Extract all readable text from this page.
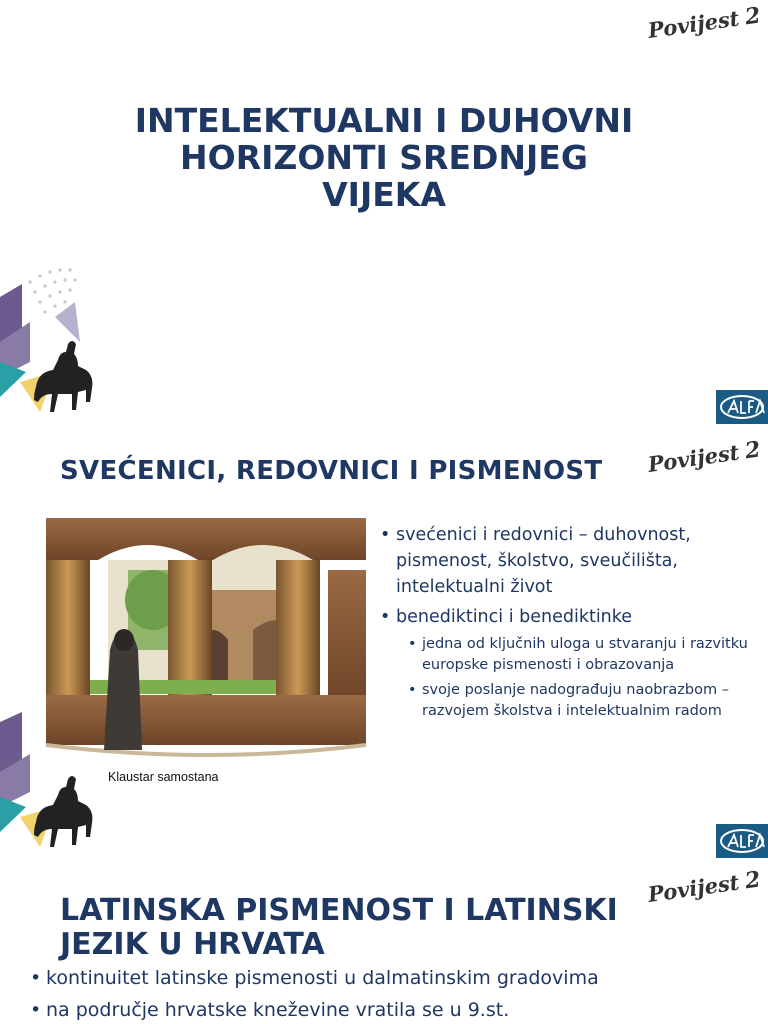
Povijest 2
INTELEKTUALNI I DUHOVNI
HORIZONTI SREDNJEG
VIJEKA
Povijest 2
SVEĆENICI, REDOVNICI I PISMENOST
Klaustar samostana
• svećenici i redovnici – duhovnost, pismenost, školstvo, sveučilišta, intelektualni život
• benediktinci i benediktinke
• jedna od ključnih uloga u stvaranju i razvitku europske pismenosti i obrazovanja
• svoje poslanje nadograđuju naobrazbom – razvojem školstva i intelektualnim radom
Povijest 2
LATINSKA PISMENOST I LATINSKI
JEZIK U HRVATA
• kontinuitet latinske pismenosti u dalmatinskim gradovima
• na područje hrvatske kneževine vratila se u 9.st.
